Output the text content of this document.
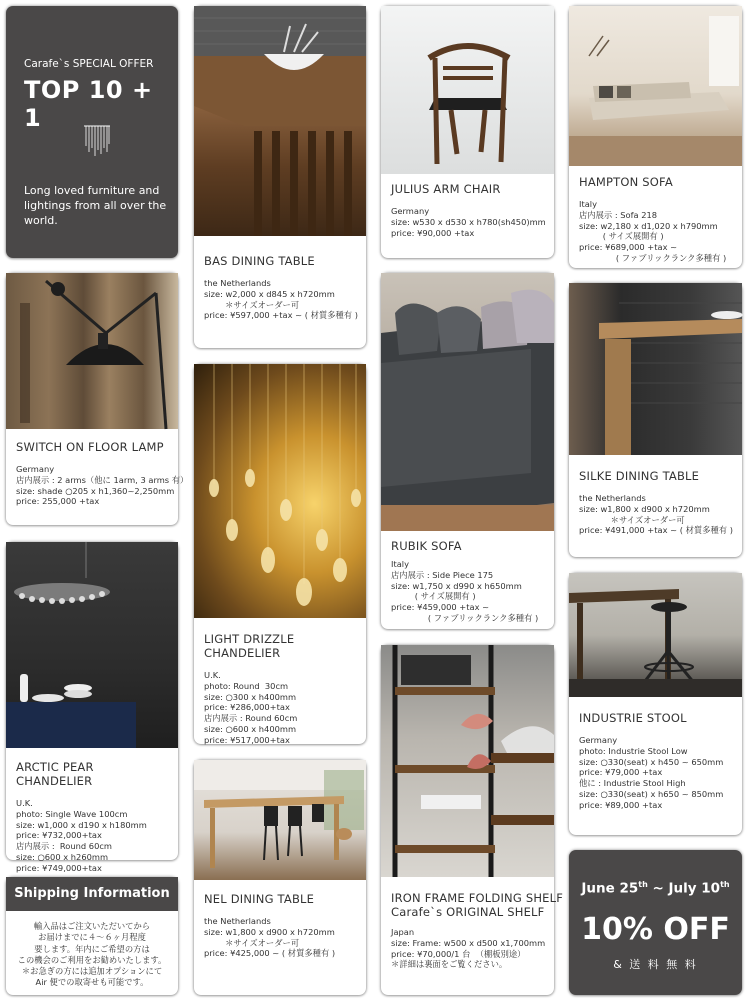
Carafe`s SPECIAL OFFER
TOP 10 + 1
Long loved furniture and lightings from all over the world.
SWITCH ON FLOOR LAMP
Germany
店内展示 : 2 arms（他に 1arm, 3 arms 有）
size: shade ○205 x h1,360~2,250mm
price: 255,000 +tax
ARCTIC PEAR CHANDELIER
U.K.
photo: Single Wave 100cm
size: w1,000 x d190 x h180mm
price: ¥732,000+tax
店内展示 :  Round 60cm
size: ○600 x h260mm
price: ¥749,000+tax
Shipping Information
輸入品はご注文いただいてから
お届けまでに４～６ヶ月程度
要します。年内にご希望の方は
この機会のご利用をお勧めいたします。
＊お急ぎの方には追加オプションにて
Air 便での取寄せも可能です。
BAS DINING TABLE
the Netherlands
size: w2,000 x d845 x h720mm
＊サイズオーダー可
price: ¥597,000 +tax ~ ( 材質多種有 )
LIGHT DRIZZLE CHANDELIER
U.K.
photo: Round  30cm
size: ○300 x h400mm
price: ¥286,000+tax
店内展示 : Round 60cm
size: ○600 x h400mm
price: ¥517,000+tax
NEL DINING TABLE
the Netherlands
size: w1,800 x d900 x h720mm
＊サイズオーダー可
price: ¥425,000 ~ ( 材質多種有 )
JULIUS ARM CHAIR
Germany
size: w530 x d530 x h780(sh450)mm
price: ¥90,000 +tax
RUBIK SOFA
Italy
店内展示 : Side Piece 175
size: w1,750 x d990 x h650mm
( サイズ展開有 )
price: ¥459,000 +tax ~
( ファブリックランク多種有 )
IRON FRAME FOLDING SHELF
Carafe`s ORIGINAL SHELF
Japan
size: Frame: w500 x d500 x1,700mm
price: ¥70,000/1 台  （棚板別途）
＊詳細は裏面をご覧ください。
HAMPTON SOFA
Italy
店内展示 : Sofa 218
size: w2,180 x d1,020 x h790mm
( サイズ展開有 )
price: ¥689,000 +tax ~
( ファブリックランク多種有 )
SILKE DINING TABLE
the Netherlands
size: w1,800 x d900 x h720mm
＊サイズオーダー可
price: ¥491,000 +tax ~ ( 材質多種有 )
INDUSTRIE STOOL
Germany
photo: Industrie Stool Low
size: ○330(seat) x h450 ~ 650mm
price: ¥79,000 +tax
他に : Industrie Stool High
size: ○330(seat) x h650 ~ 850mm
price: ¥89,000 +tax
June 25th ~ July 10th
10% OFF
& 送 料 無 料
